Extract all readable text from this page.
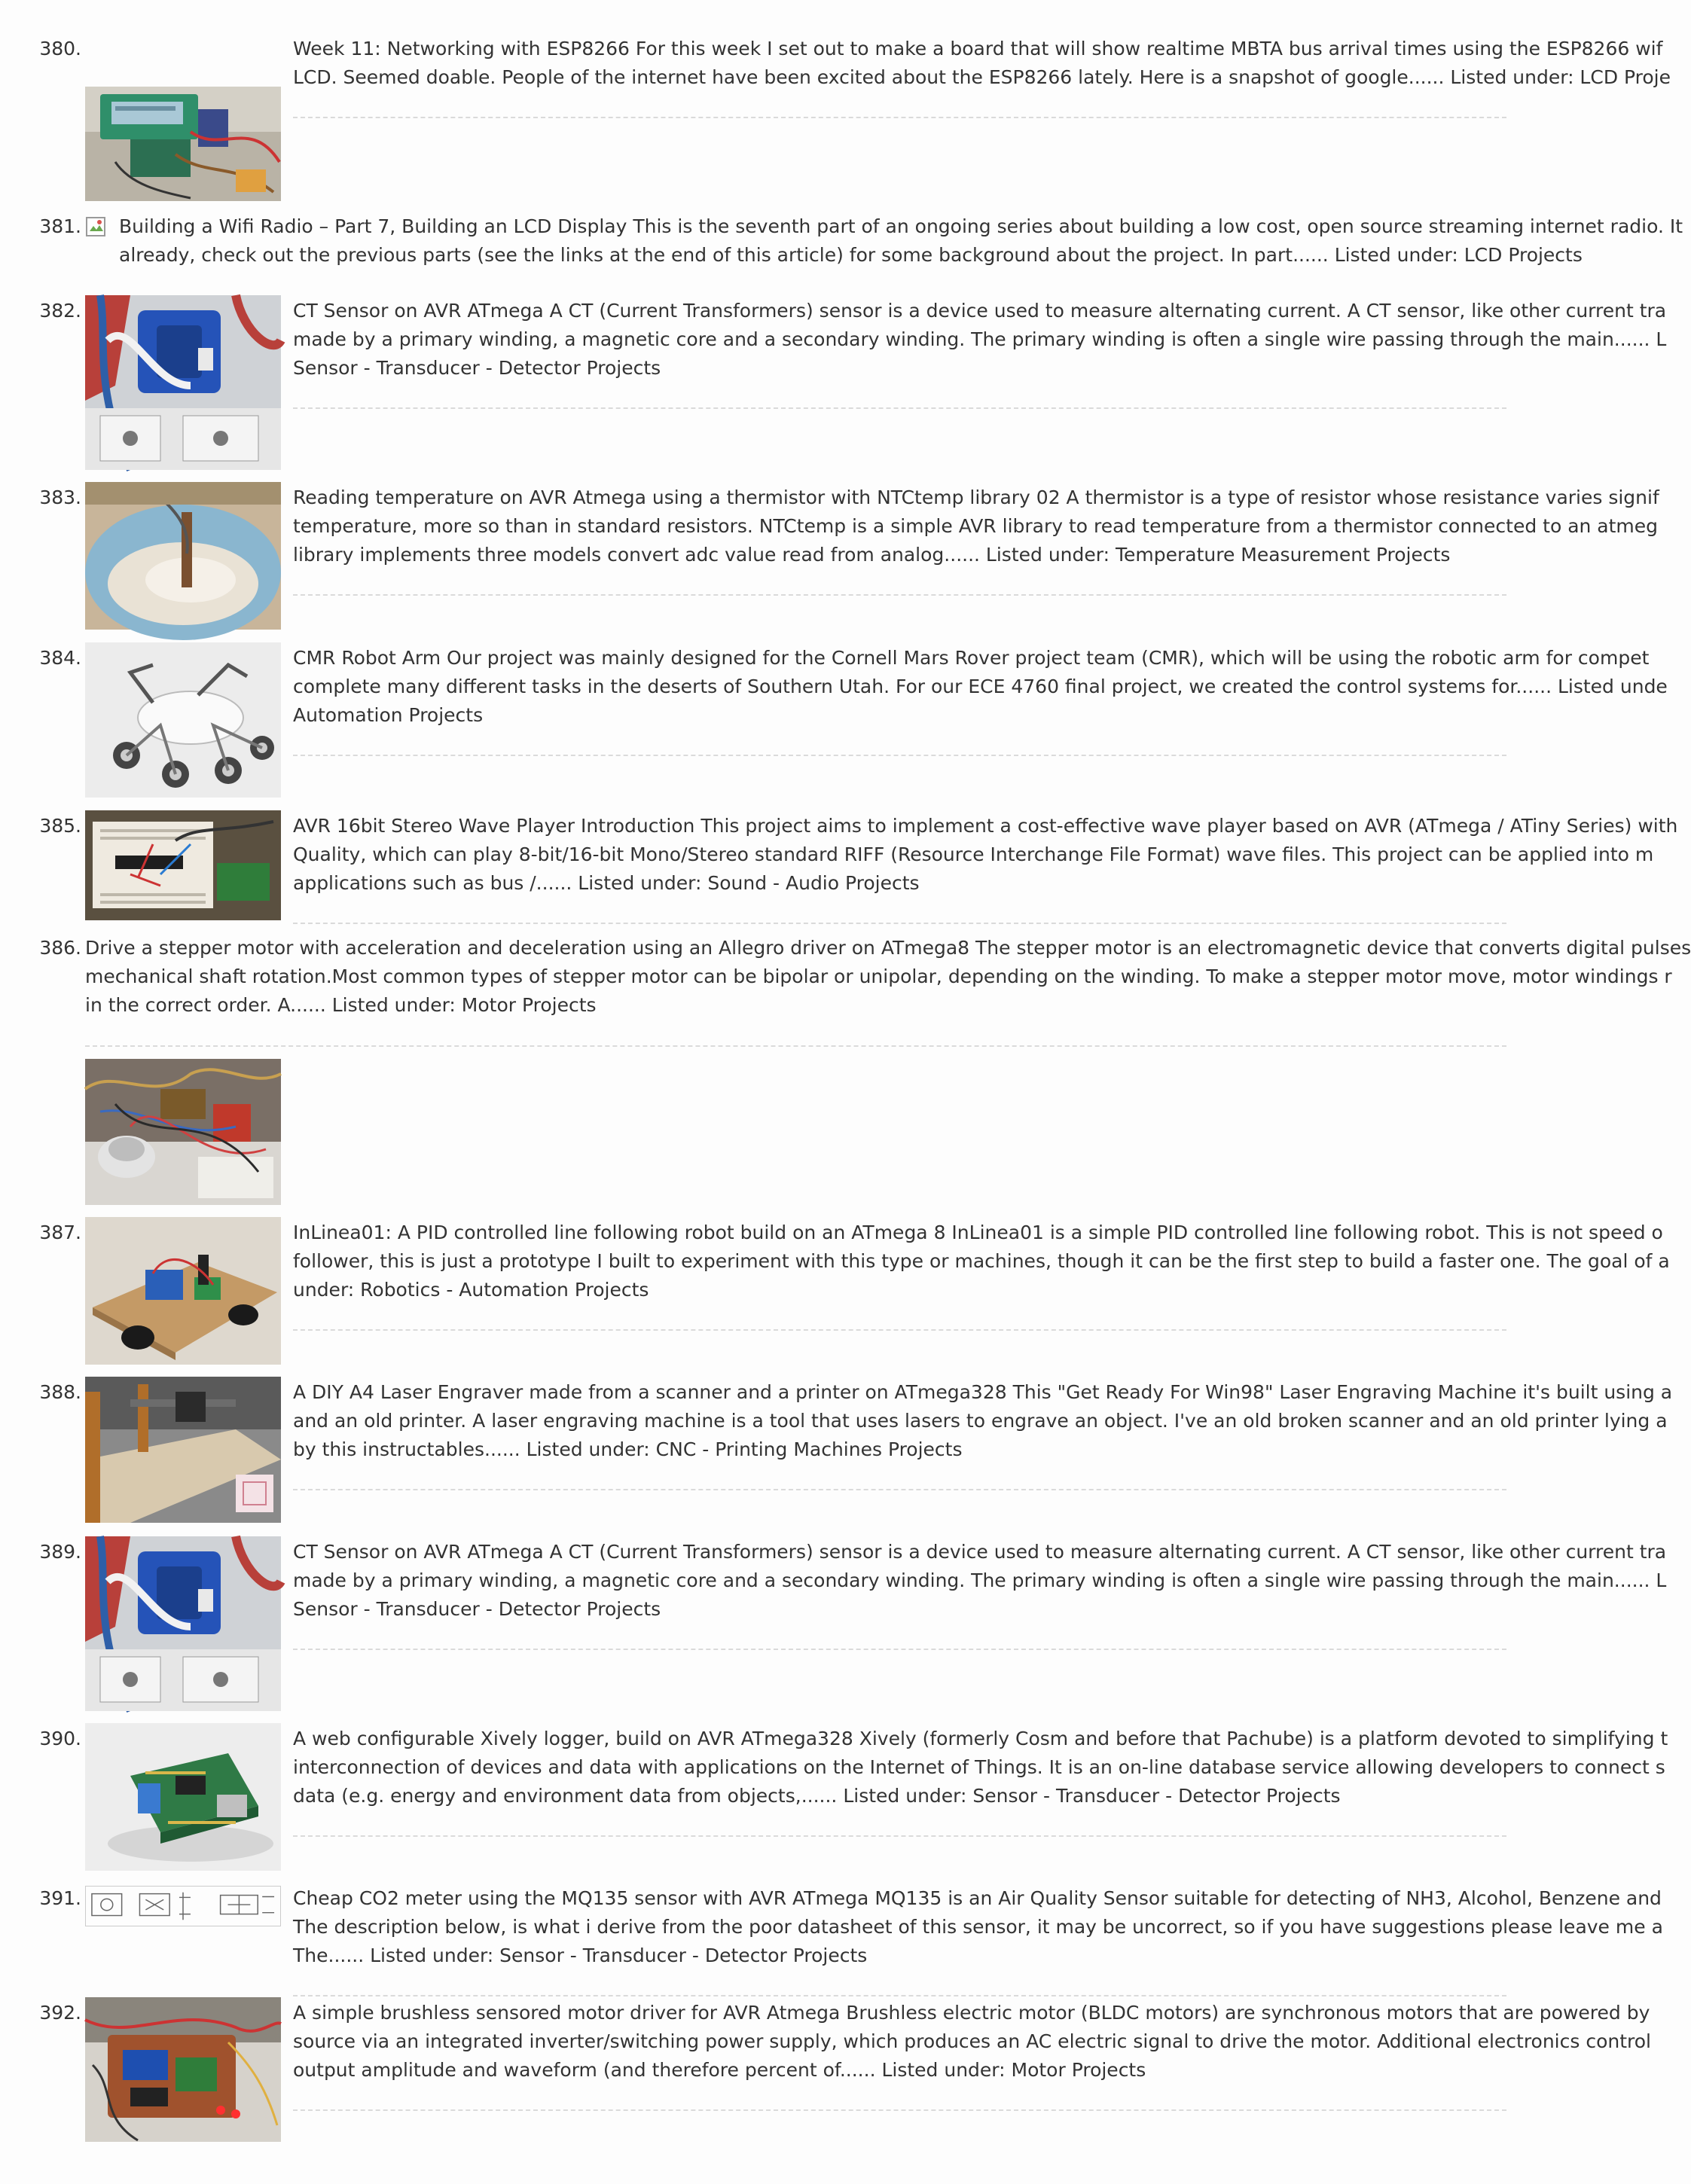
380.	Week 11: Networking with ESP8266 For this week I set out to make a board that will show realtime MBTA bus arrival times using the ESP8266 wif
LCD. Seemed doable. People of the internet have been excited about the ESP8266 lately. Here is a snapshot of google...... Listed under: LCD Proje
381. Building a Wifi Radio – Part 7, Building an LCD Display This is the seventh part of an ongoing series about building a low cost, open source streaming internet radio. It
already, check out the previous parts (see the links at the end of this article) for some background about the project. In part...... Listed under: LCD Projects
382.	CT Sensor on AVR ATmega A CT (Current Transformers) sensor is a device used to measure alternating current. A CT sensor, like other current tra
made by a primary winding, a magnetic core and a secondary winding. The primary winding is often a single wire passing through the main...... L
Sensor - Transducer - Detector Projects
383.	Reading temperature on AVR Atmega using a thermistor with NTCtemp library 02 A thermistor is a type of resistor whose resistance varies signif
temperature, more so than in standard resistors. NTCtemp is a simple AVR library to read temperature from a thermistor connected to an atmeg
library implements three models convert adc value read from analog...... Listed under: Temperature Measurement Projects
384.	CMR Robot Arm Our project was mainly designed for the Cornell Mars Rover project team (CMR), which will be using the robotic arm for compet
complete many different tasks in the deserts of Southern Utah. For our ECE 4760 final project, we created the control systems for...... Listed unde
Automation Projects
385.	AVR 16bit Stereo Wave Player Introduction This project aims to implement a cost-effective wave player based on AVR (ATmega / ATiny Series) with
Quality, which can play 8-bit/16-bit Mono/Stereo standard RIFF (Resource Interchange File Format) wave files. This project can be applied into m
applications such as bus /...... Listed under: Sound - Audio Projects
386. Drive a stepper motor with acceleration and deceleration using an Allegro driver on ATmega8 The stepper motor is an electromagnetic device that converts digital pulses
mechanical shaft rotation.Most common types of stepper motor can be bipolar or unipolar, depending on the winding. To make a stepper motor move, motor windings r
in the correct order. A...... Listed under: Motor Projects
387.	InLinea01: A PID controlled line following robot build on an ATmega 8 InLinea01 is a simple PID controlled line following robot. This is not speed o
follower, this is just a prototype I built to experiment with this type or machines, though it can be the first step to build a faster one. The goal of a
under: Robotics - Automation Projects
388.	A DIY A4 Laser Engraver made from a scanner and a printer on ATmega328 This "Get Ready For Win98" Laser Engraving Machine it's built using a
and an old printer. A laser engraving machine is a tool that uses lasers to engrave an object. I've an old broken scanner and an old printer lying a
by this instructables...... Listed under: CNC - Printing Machines Projects
389.	CT Sensor on AVR ATmega A CT (Current Transformers) sensor is a device used to measure alternating current. A CT sensor, like other current tra
made by a primary winding, a magnetic core and a secondary winding. The primary winding is often a single wire passing through the main...... L
Sensor - Transducer - Detector Projects
390.	A web configurable Xively logger, build on AVR ATmega328 Xively (formerly Cosm and before that Pachube) is a platform devoted to simplifying t
interconnection of devices and data with applications on the Internet of Things. It is an on-line database service allowing developers to connect s
data (e.g. energy and environment data from objects,...... Listed under: Sensor - Transducer - Detector Projects
391.	Cheap CO2 meter using the MQ135 sensor with AVR ATmega MQ135 is an Air Quality Sensor suitable for detecting of NH3, Alcohol, Benzene and
The description below, is what i derive from the poor datasheet of this sensor, it may be uncorrect, so if you have suggestions please leave me a
The...... Listed under: Sensor - Transducer - Detector Projects
392.	A simple brushless sensored motor driver for AVR Atmega Brushless electric motor (BLDC motors) are synchronous motors that are powered by
source via an integrated inverter/switching power supply, which produces an AC electric signal to drive the motor. Additional electronics control
output amplitude and waveform (and therefore percent of...... Listed under: Motor Projects
